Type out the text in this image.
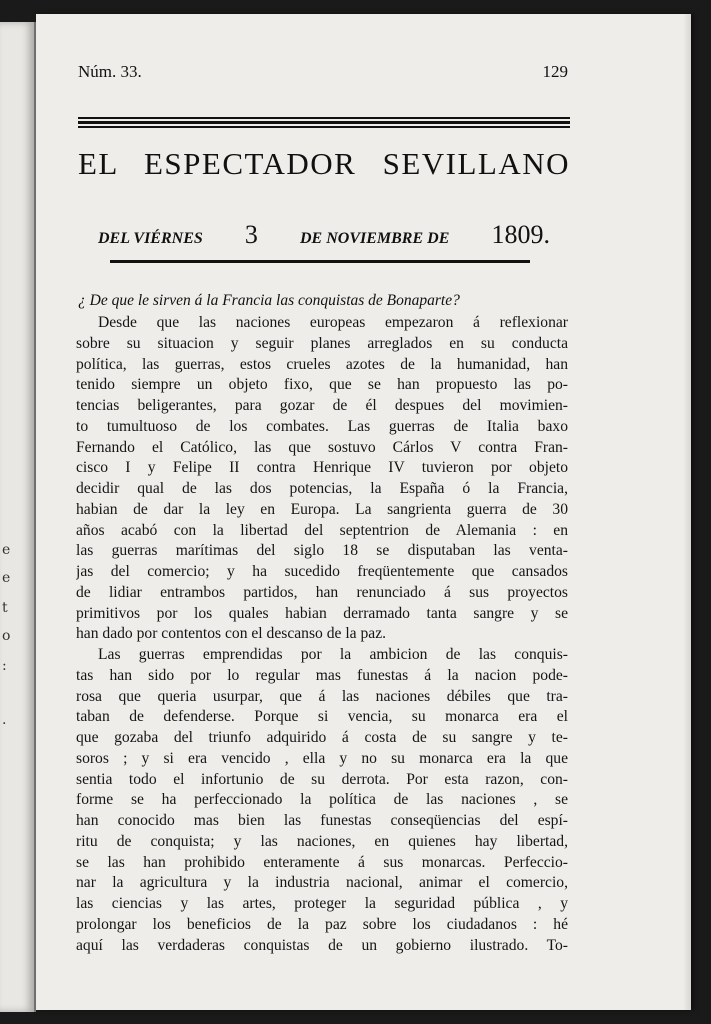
e
e
t
o
:
.
Núm. 33.	129
EL ESPECTADOR SEVILLANO
DEL VIÉRNES 3	DE NOVIEMBRE DE 1809.
¿ De que le sirven á la Francia las conquistas de Bonaparte?
Desde que las naciones europeas empezaron á reflexionar
sobre su situacion y seguir planes arreglados en su conducta
política, las guerras, estos crueles azotes de la humanidad, han
tenido siempre un objeto fixo, que se han propuesto las po-
tencias beligerantes, para gozar de él despues del movimien-
to tumultuoso de los combates. Las guerras de Italia baxo
Fernando el Católico, las que sostuvo Cárlos V contra Fran-
cisco I y Felipe II contra Henrique IV tuvieron por objeto
decidir qual de las dos potencias, la España ó la Francia,
habian de dar la ley en Europa. La sangrienta guerra de 30
años acabó con la libertad del septentrion de Alemania : en
las guerras marítimas del siglo 18 se disputaban las venta-
jas del comercio; y ha sucedido freqüentemente que cansados
de lidiar entrambos partidos, han renunciado á sus proyectos
primitivos por los quales habian derramado tanta sangre y se
han dado por contentos con el descanso de la paz.
Las guerras emprendidas por la ambicion de las conquis-
tas han sido por lo regular mas funestas á la nacion pode-
rosa que queria usurpar, que á las naciones débiles que tra-
taban de defenderse. Porque si vencia, su monarca era el
que gozaba del triunfo adquirido á costa de su sangre y te-
soros ; y si era vencido , ella y no su monarca era la que
sentia todo el infortunio de su derrota. Por esta razon, con-
forme se ha perfeccionado la política de las naciones , se
han conocido mas bien las funestas conseqüencias del espí-
ritu de conquista; y las naciones, en quienes hay libertad,
se las han prohibido enteramente á sus monarcas. Perfeccio-
nar la agricultura y la industria nacional, animar el comercio,
las ciencias y las artes, proteger la seguridad pública , y
prolongar los beneficios de la paz sobre los ciudadanos : hé
aquí las verdaderas conquistas de un gobierno ilustrado. To-
